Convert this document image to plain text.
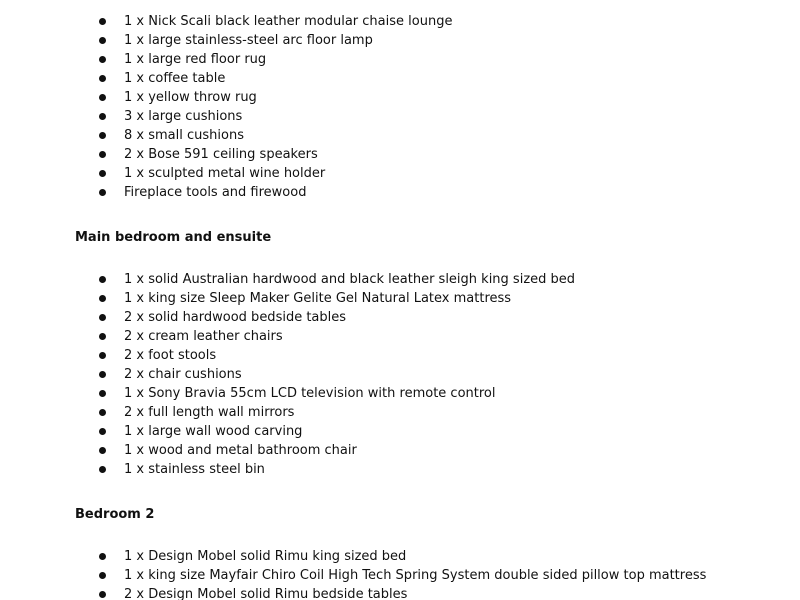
1 x Nick Scali black leather modular chaise lounge
1 x large stainless-steel arc floor lamp
1 x large red floor rug
1 x coffee table
1 x yellow throw rug
3 x large cushions
8 x small cushions
2 x Bose 591 ceiling speakers
1 x sculpted metal wine holder
Fireplace tools and firewood
Main bedroom and ensuite
1 x solid Australian hardwood and black leather sleigh king sized bed
1 x king size Sleep Maker Gelite Gel Natural Latex mattress
2 x solid hardwood bedside tables
2 x cream leather chairs
2 x foot stools
2 x chair cushions
1 x Sony Bravia 55cm LCD television with remote control
2 x full length wall mirrors
1 x large wall wood carving
1 x wood and metal bathroom chair
1 x stainless steel bin
Bedroom 2
1 x Design Mobel solid Rimu king sized bed
1 x king size Mayfair Chiro Coil High Tech Spring System double sided pillow top mattress
2 x Design Mobel solid Rimu bedside tables
